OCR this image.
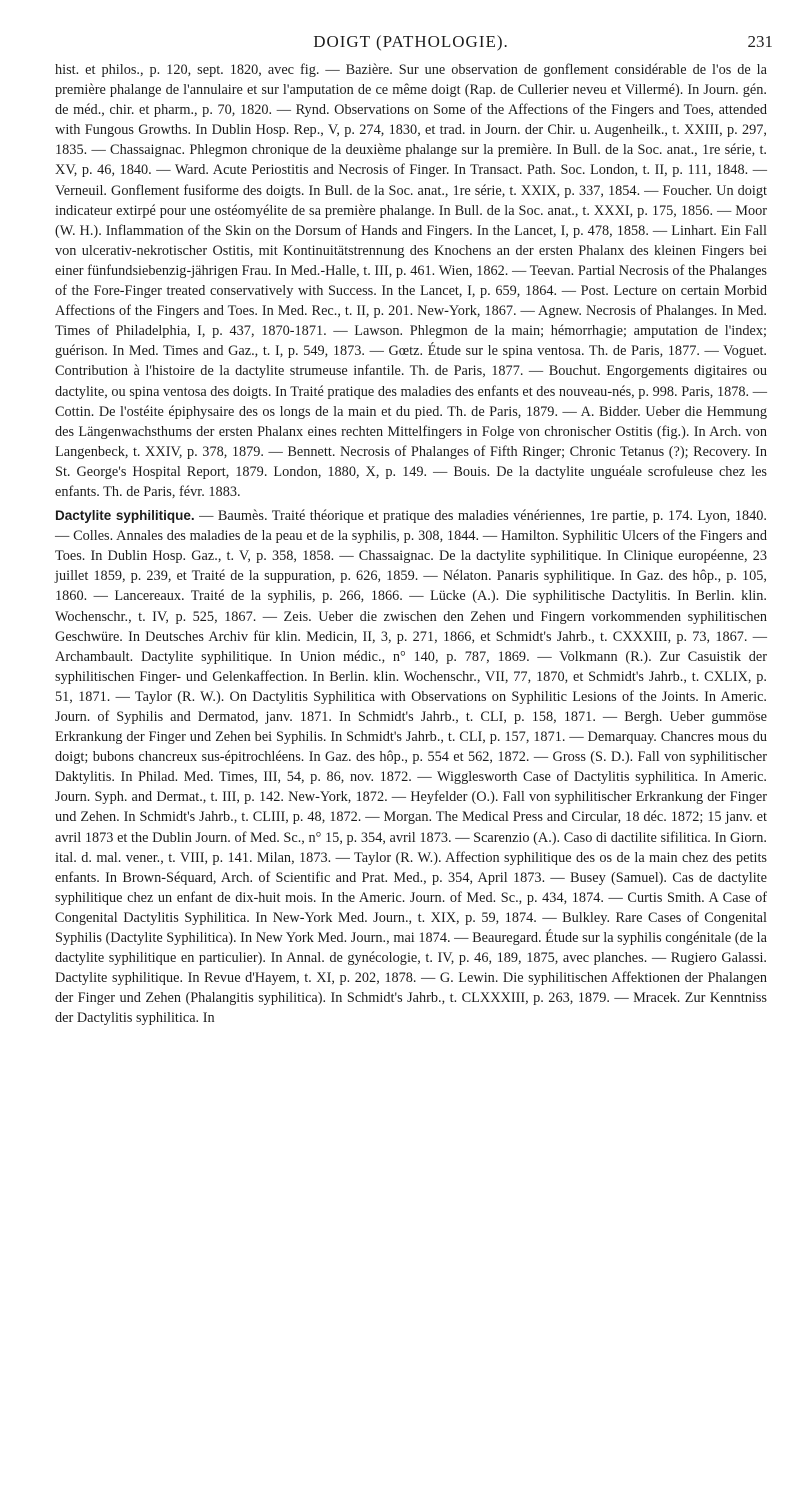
DOIGT (PATHOLOGIE).	231

hist. et philos., p. 120, sept. 1820, avec fig. — Bazière. Sur une observation de gonflement considérable de l'os de la première phalange de l'annulaire et sur l'amputation de ce même doigt (Rap. de Cullerier neveu et Villermé). In Journ. gén. de méd., chir. et pharm., p. 70, 1820. — Rynd. Observations on Some of the Affections of the Fingers and Toes, attended with Fungous Growths. In Dublin Hosp. Rep., V, p. 274, 1830, et trad. in Journ. der Chir. u. Augenheilk., t. XXIII, p. 297, 1835. — Chassaignac. Phlegmon chronique de la deuxième phalange sur la première. In Bull. de la Soc. anat., 1re série, t. XV, p. 46, 1840. — Ward. Acute Periostitis and Necrosis of Finger. In Transact. Path. Soc. London, t. II, p. 111, 1848. — Verneuil. Gonflement fusiforme des doigts. In Bull. de la Soc. anat., 1re série, t. XXIX, p. 337, 1854. — Foucher. Un doigt indicateur extirpé pour une ostéomyélite de sa première phalange. In Bull. de la Soc. anat., t. XXXI, p. 175, 1856. — Moor (W. H.). Inflammation of the Skin on the Dorsum of Hands and Fingers. In the Lancet, I, p. 478, 1858. — Linhart. Ein Fall von ulcerativ-nekrotischer Ostitis, mit Kontinuitätstrennung des Knochens an der ersten Phalanx des kleinen Fingers bei einer fünfundsiebenzig-jährigen Frau. In Med.-Halle, t. III, p. 461. Wien, 1862. — Teevan. Partial Necrosis of the Phalanges of the Fore-Finger treated conservatively with Success. In the Lancet, I, p. 659, 1864. — Post. Lecture on certain Morbid Affections of the Fingers and Toes. In Med. Rec., t. II, p. 201. New-York, 1867. — Agnew. Necrosis of Phalanges. In Med. Times of Philadelphia, I, p. 437, 1870-1871. — Lawson. Phlegmon de la main; hémorrhagie; amputation de l'index; guérison. In Med. Times and Gaz., t. I, p. 549, 1873. — Gœtz. Étude sur le spina ventosa. Th. de Paris, 1877. — Voguet. Contribution à l'histoire de la dactylite strumeuse infantile. Th. de Paris, 1877. — Bouchut. Engorgements digitaires ou dactylite, ou spina ventosa des doigts. In Traité pratique des maladies des enfants et des nouveau-nés, p. 998. Paris, 1878. — Cottin. De l'ostéite épiphysaire des os longs de la main et du pied. Th. de Paris, 1879. — A. Bidder. Ueber die Hemmung des Längenwachsthums der ersten Phalanx eines rechten Mittelfingers in Folge von chronischer Ostitis (fig.). In Arch. von Langenbeck, t. XXIV, p. 378, 1879. — Bennett. Necrosis of Phalanges of Fifth Ringer; Chronic Tetanus (?); Recovery. In St. George's Hospital Report, 1879. London, 1880, X, p. 149. — Bouis. De la dactylite unguéale scrofuleuse chez les enfants. Th. de Paris, févr. 1883.

Dactylite syphilitique. — Baumès. Traité théorique et pratique des maladies vénériennes, 1re partie, p. 174. Lyon, 1840. — Colles. Annales des maladies de la peau et de la syphilis, p. 308, 1844. — Hamilton. Syphilitic Ulcers of the Fingers and Toes. In Dublin Hosp. Gaz., t. V, p. 358, 1858. — Chassaignac. De la dactylite syphilitique. In Clinique européenne, 23 juillet 1859, p. 239, et Traité de la suppuration, p. 626, 1859. — Nélaton. Panaris syphilitique. In Gaz. des hôp., p. 105, 1860. — Lancereaux. Traité de la syphilis, p. 266, 1866. — Lücke (A.). Die syphilitische Dactylitis. In Berlin. klin. Wochenschr., t. IV, p. 525, 1867. — Zeis. Ueber die zwischen den Zehen und Fingern vorkommenden syphilitischen Geschwüre. In Deutsches Archiv für klin. Medicin, II, 3, p. 271, 1866, et Schmidt's Jahrb., t. CXXXIII, p. 73, 1867. — Archambault. Dactylite syphilitique. In Union médic., n° 140, p. 787, 1869. — Volkmann (R.). Zur Casuistik der syphilitischen Finger- und Gelenkaffection. In Berlin. klin. Wochenschr., VII, 77, 1870, et Schmidt's Jahrb., t. CXLIX, p. 51, 1871. — Taylor (R. W.). On Dactylitis Syphilitica with Observations on Syphilitic Lesions of the Joints. In Americ. Journ. of Syphilis and Dermatod, janv. 1871. In Schmidt's Jahrb., t. CLI, p. 158, 1871. — Bergh. Ueber gummöse Erkrankung der Finger und Zehen bei Syphilis. In Schmidt's Jahrb., t. CLI, p. 157, 1871. — Demarquay. Chancres mous du doigt; bubons chancreux sus-épitrochléens. In Gaz. des hôp., p. 554 et 562, 1872. — Gross (S. D.). Fall von syphilitischer Daktylitis. In Philad. Med. Times, III, 54, p. 86, nov. 1872. — Wigglesworth Case of Dactylitis syphilitica. In Americ. Journ. Syph. and Dermat., t. III, p. 142. New-York, 1872. — Heyfelder (O.). Fall von syphilitischer Erkrankung der Finger und Zehen. In Schmidt's Jahrb., t. CLIII, p. 48, 1872. — Morgan. The Medical Press and Circular, 18 déc. 1872; 15 janv. et avril 1873 et the Dublin Journ. of Med. Sc., n° 15, p. 354, avril 1873. — Scarenzio (A.). Caso di dactilite sifilitica. In Giorn. ital. d. mal. vener., t. VIII, p. 141. Milan, 1873. — Taylor (R. W.). Affection syphilitique des os de la main chez des petits enfants. In Brown-Séquard, Arch. of Scientific and Prat. Med., p. 354, April 1873. — Busey (Samuel). Cas de dactylite syphilitique chez un enfant de dix-huit mois. In the Americ. Journ. of Med. Sc., p. 434, 1874. — Curtis Smith. A Case of Congenital Dactylitis Syphilitica. In New-York Med. Journ., t. XIX, p. 59, 1874. — Bulkley. Rare Cases of Congenital Syphilis (Dactylite Syphilitica). In New York Med. Journ., mai 1874. — Beauregard. Étude sur la syphilis congénitale (de la dactylite syphilitique en particulier). In Annal. de gynécologie, t. IV, p. 46, 189, 1875, avec planches. — Rugiero Galassi. Dactylite syphilitique. In Revue d'Hayem, t. XI, p. 202, 1878. — G. Lewin. Die syphilitischen Affektionen der Phalangen der Finger und Zehen (Phalangitis syphilitica). In Schmidt's Jahrb., t. CLXXXIII, p. 263, 1879. — Mracek. Zur Kenntniss der Dactylitis syphilitica. In
